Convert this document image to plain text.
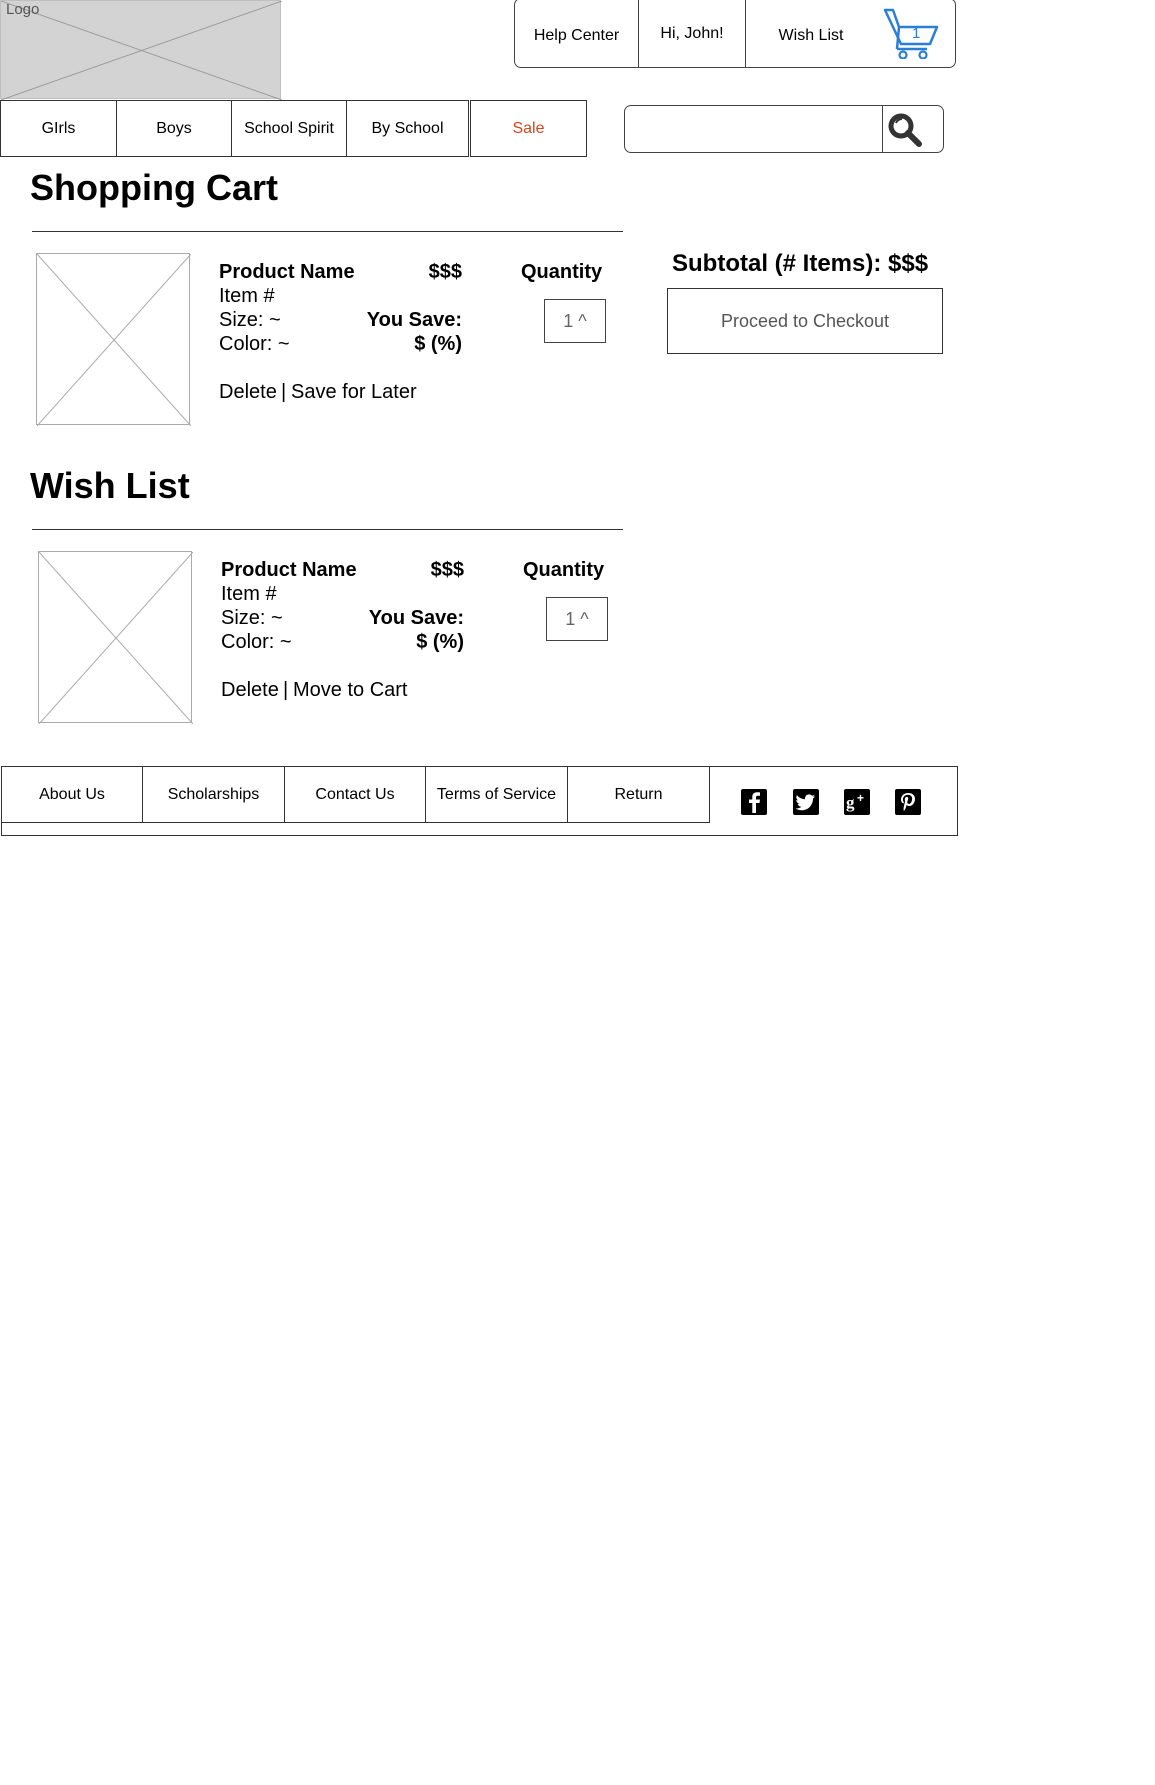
Logo
Help Center	Hi, John!	Wish List	1
GIrls	Boys	School Spirit	By School	Sale
Shopping Cart
Product Name	$$$
Item #
Size: ~
Color: ~
You Save:
$ (%)
Quantity
1 ^
Delete | Save for Later
Subtotal (# Items): $$$
Proceed to Checkout
Wish List
Product Name	$$$
Item #
Size: ~
Color: ~
You Save:
$ (%)
Quantity
1 ^
Delete | Move to Cart
About Us	Scholarships	Contact Us	Terms of Service	Return	g +
